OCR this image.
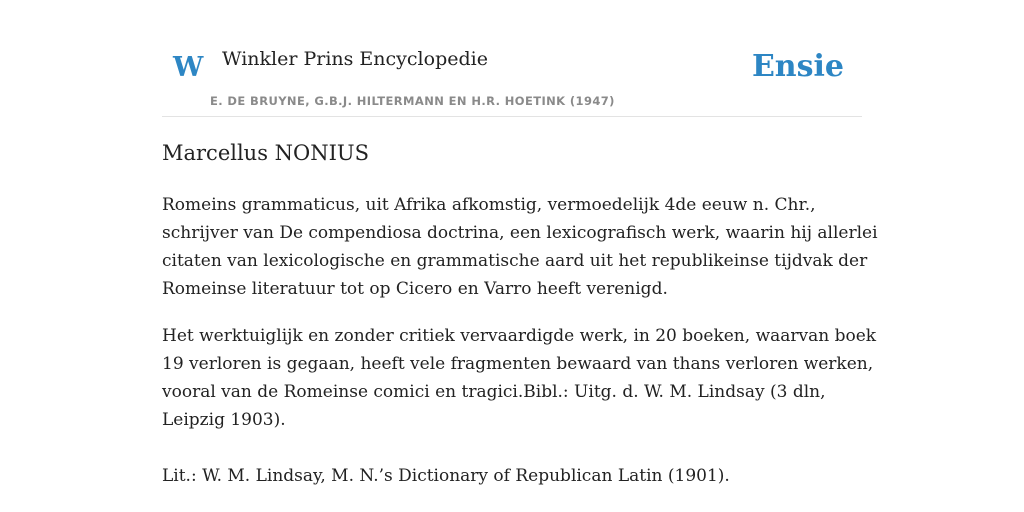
W Winkler Prins Encyclopedie
E. DE BRUYNE, G.B.J. HILTERMANN EN H.R. HOETINK (1947)
Ensie
Marcellus NONIUS

Romeins grammaticus, uit Afrika afkomstig, vermoedelijk 4de eeuw n. Chr.,
schrijver van De compendiosa doctrina, een lexicografisch werk, waarin hij allerlei
citaten van lexicologische en grammatische aard uit het republikeinse tijdvak der
Romeinse literatuur tot op Cicero en Varro heeft verenigd.

Het werktuiglijk en zonder critiek vervaardigde werk, in 20 boeken, waarvan boek
19 verloren is gegaan, heeft vele fragmenten bewaard van thans verloren werken,
vooral van de Romeinse comici en tragici.Bibl.: Uitg. d. W. M. Lindsay (3 dln,
Leipzig 1903).

Lit.: W. M. Lindsay, M. N.’s Dictionary of Republican Latin (1901).
